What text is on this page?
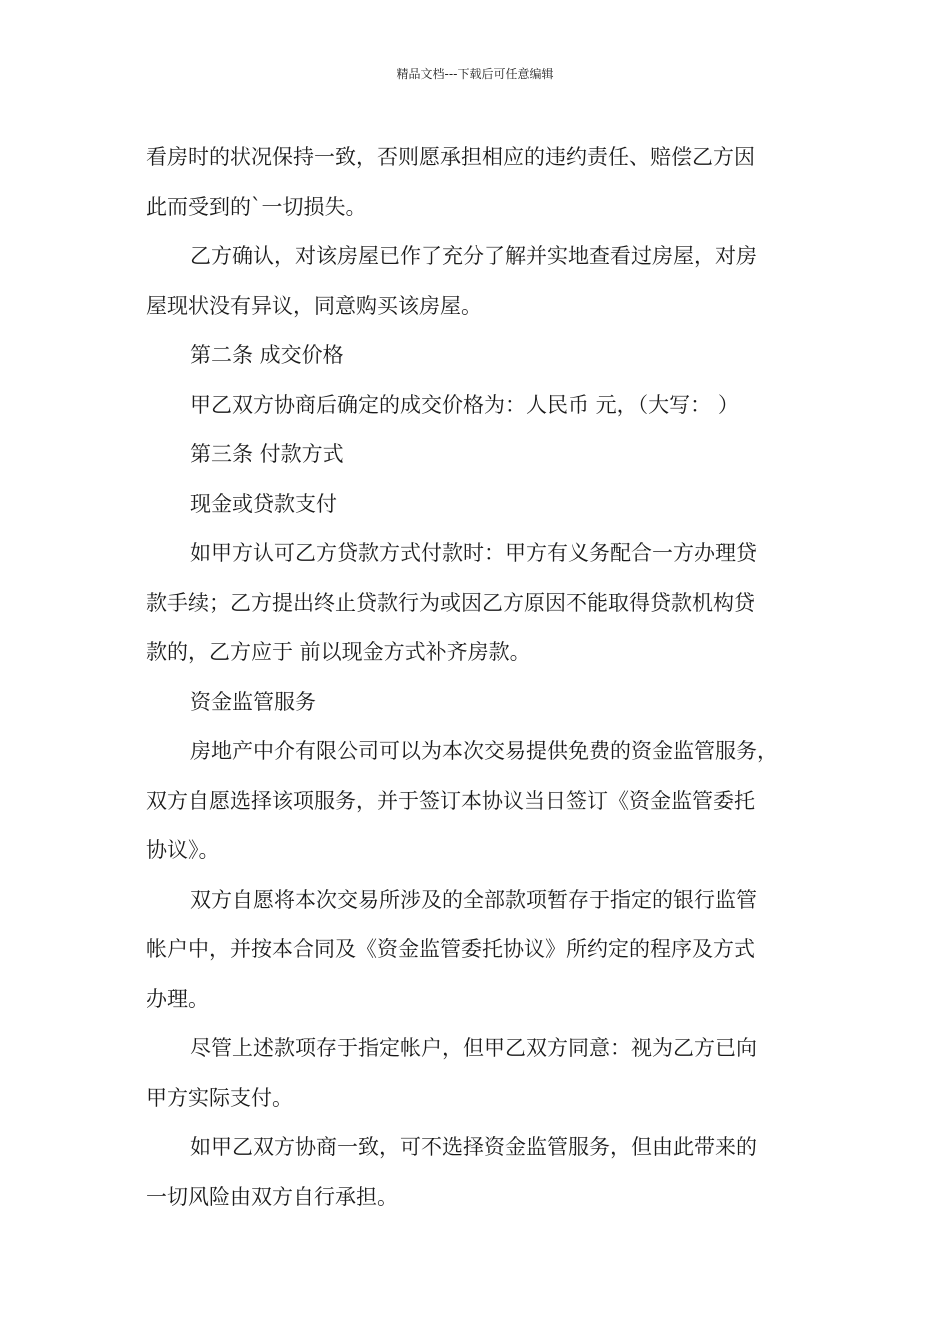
精品文档---下载后可任意编辑
看房时的状况保持一致，否则愿承担相应的违约责任、赔偿乙方因
此而受到的`一切损失。
乙方确认，对该房屋已作了充分了解并实地查看过房屋，对房
屋现状没有异议，同意购买该房屋。
第二条 成交价格
甲乙双方协商后确定的成交价格为：人民币 元，（大写： ）
第三条 付款方式
现金或贷款支付
如甲方认可乙方贷款方式付款时：甲方有义务配合一方办理贷
款手续；乙方提出终止贷款行为或因乙方原因不能取得贷款机构贷
款的，乙方应于 前以现金方式补齐房款。
资金监管服务
房地产中介有限公司可以为本次交易提供免费的资金监管服务，
双方自愿选择该项服务，并于签订本协议当日签订《资金监管委托
协议》。
双方自愿将本次交易所涉及的全部款项暂存于指定的银行监管
帐户中，并按本合同及《资金监管委托协议》所约定的程序及方式
办理。
尽管上述款项存于指定帐户，但甲乙双方同意：视为乙方已向
甲方实际支付。
如甲乙双方协商一致，可不选择资金监管服务，但由此带来的
一切风险由双方自行承担。
